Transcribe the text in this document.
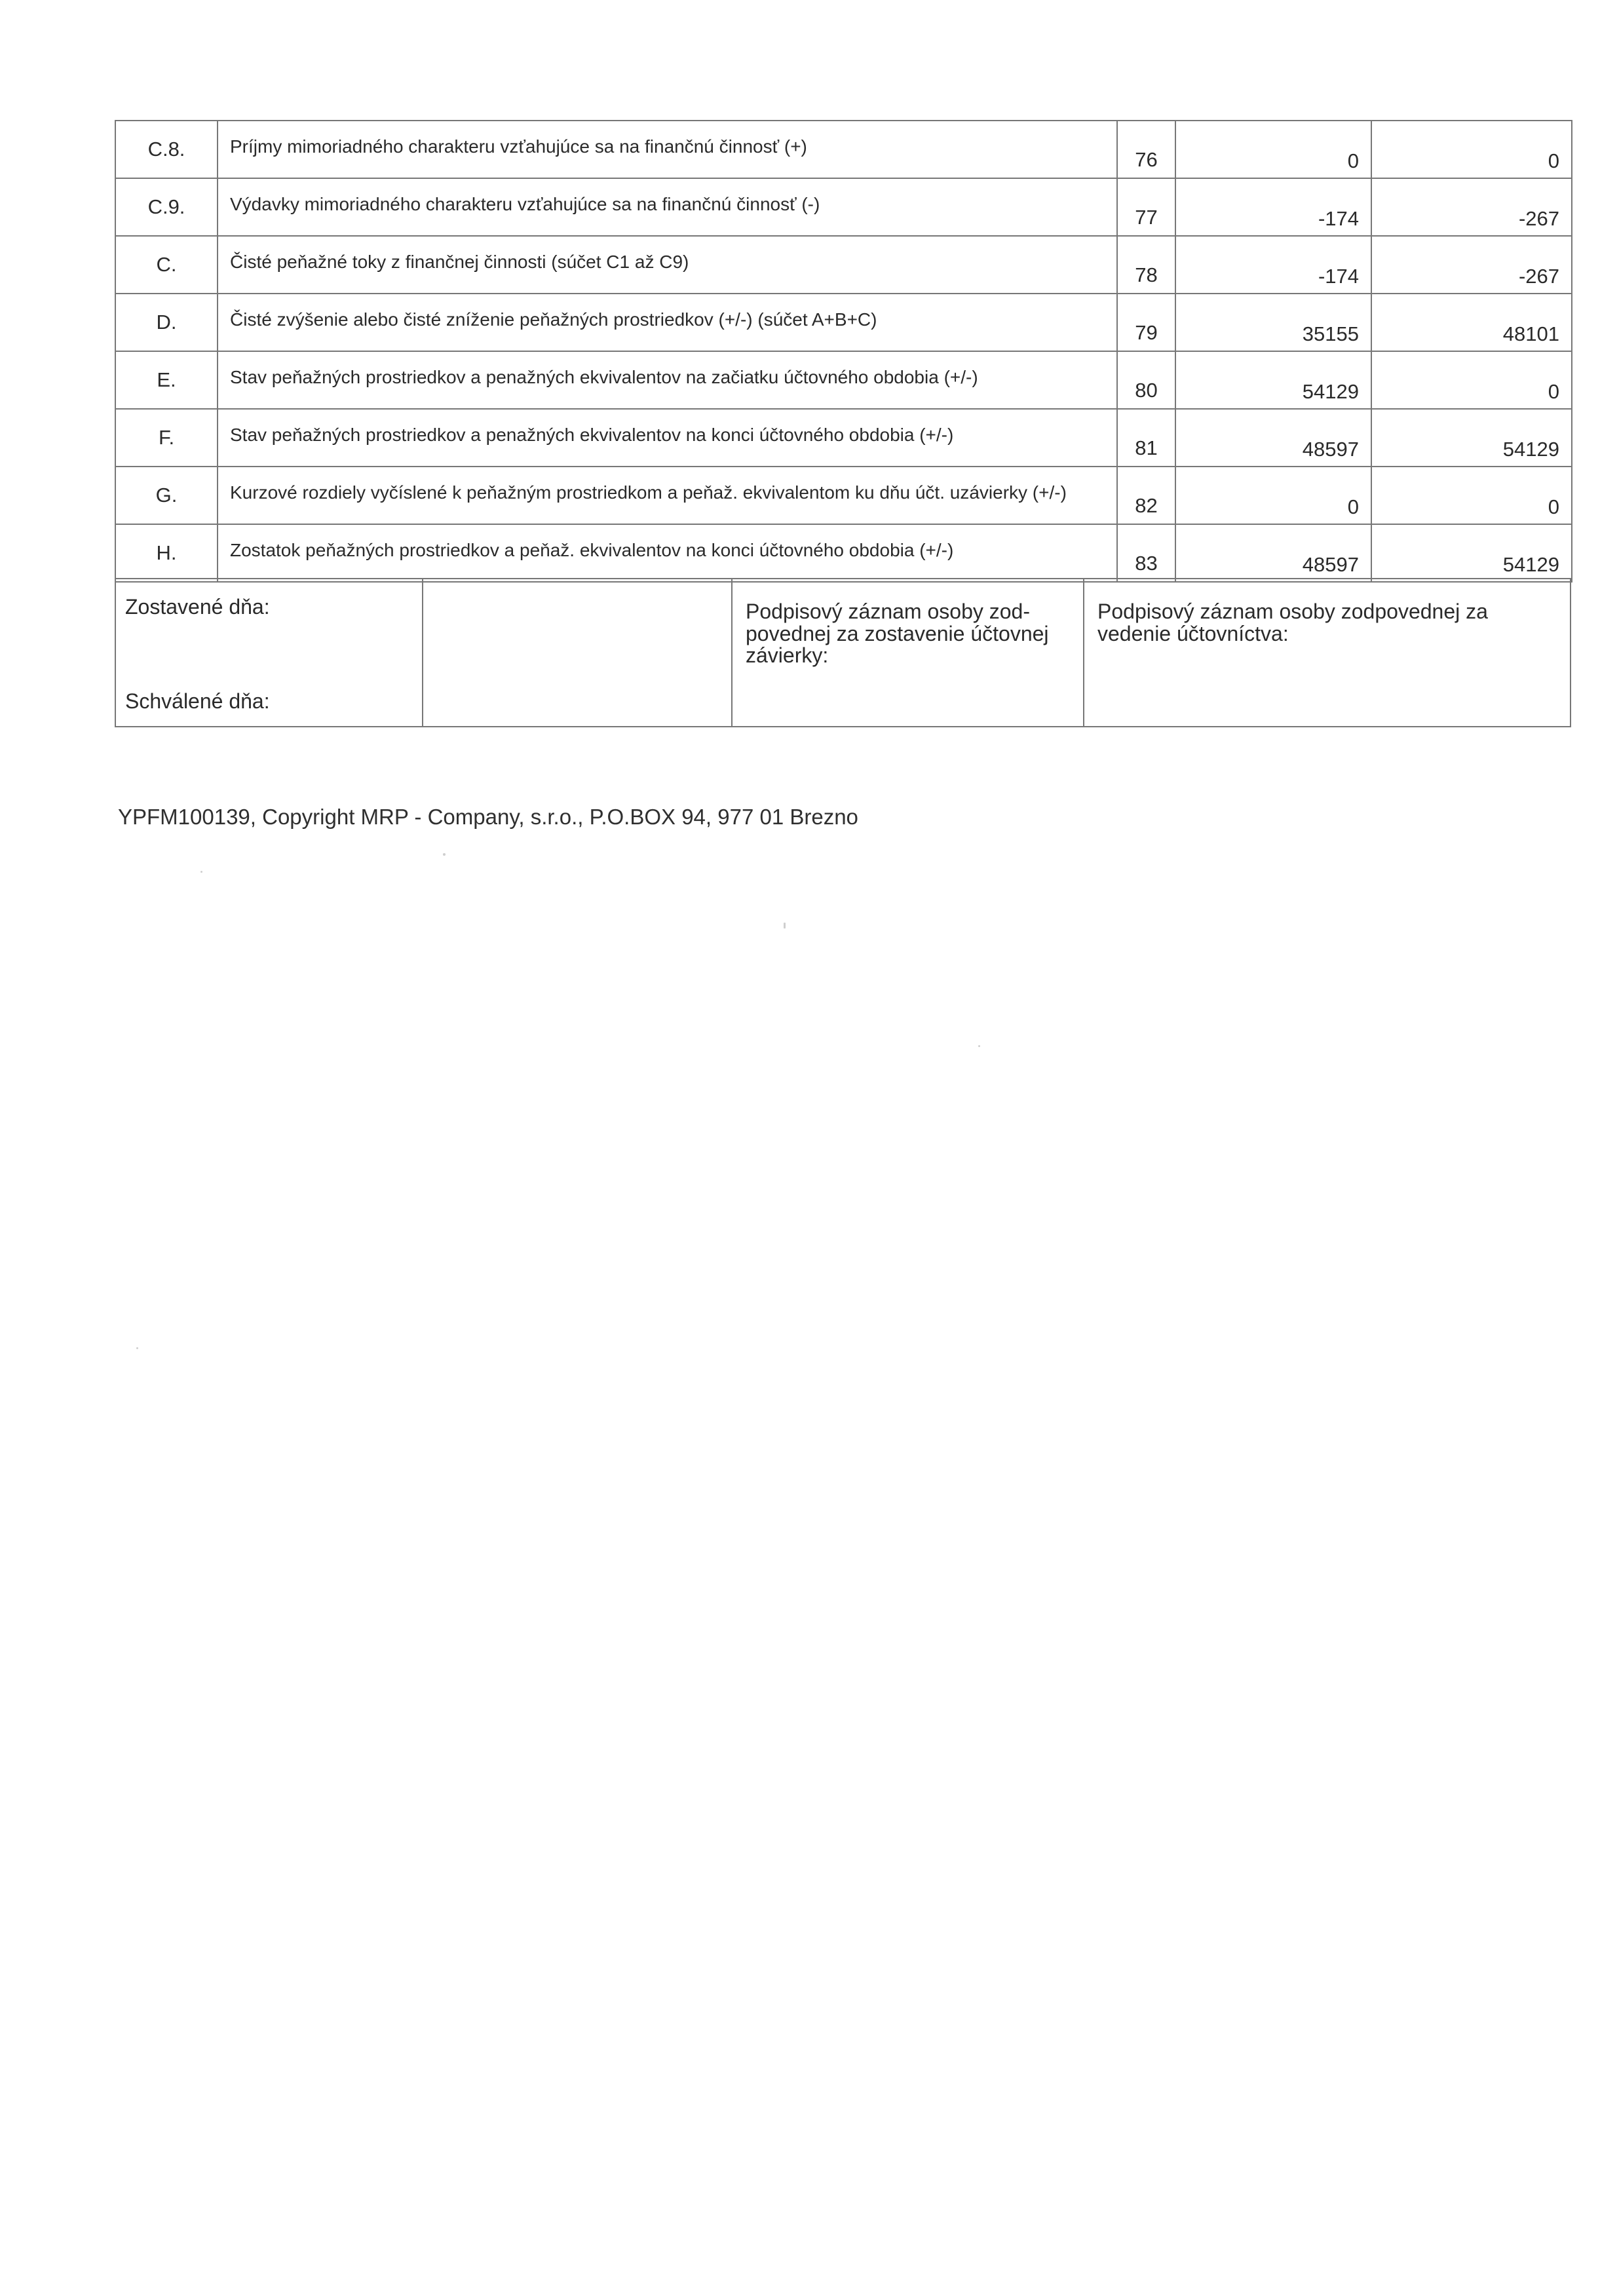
C.8.	Príjmy mimoriadného charakteru vzťahujúce sa na finančnú činnosť (+)	76	0	0
C.9.	Výdavky mimoriadného charakteru vzťahujúce sa na finančnú činnosť (-)	77	-174	-267
C.	Čisté peňažné toky z finančnej činnosti (súčet C1 až C9)	78	-174	-267
D.	Čisté zvýšenie alebo čisté zníženie peňažných prostriedkov (+/-) (súčet A+B+C)	79	35155	48101
E.	Stav peňažných prostriedkov a penažných ekvivalentov na začiatku účtovného obdobia (+/-)	80	54129	0
F.	Stav peňažných prostriedkov a penažných ekvivalentov na konci účtovného obdobia (+/-)	81	48597	54129
G.	Kurzové rozdiely vyčíslené k peňažným prostriedkom a peňaž. ekvivalentom ku dňu účt. uzávierky (+/-)	82	0	0
H.	Zostatok peňažných prostriedkov a peňaž. ekvivalentov na konci účtovného obdobia (+/-)	83	48597	54129
Zostavené dňa:
Schválené dňa:

Podpisový záznam osoby zod-
povednej za zostavenie účtovnej
závierky:

Podpisový záznam osoby zodpovednej za
vedenie účtovníctva:
YPFM100139, Copyright MRP - Company, s.r.o., P.O.BOX 94, 977 01 Brezno
